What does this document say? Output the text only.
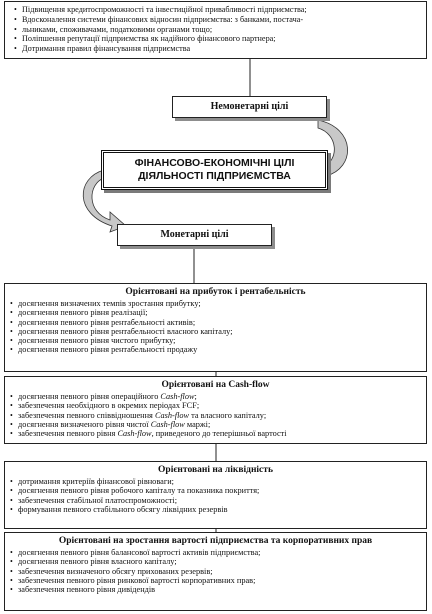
• Підвищення кредитоспроможності та інвестиційної привабливості підприємства;
• Вдосконалення системи фінансових відносин підприємства: з банками, постача-
• льниками, споживачами, податковими органами тощо;
• Поліпшення репутації підприємства як надійного фінансового партнера;
• Дотримання правил фінансування підприємства
Немонетарні цілі
ФІНАНСОВО-ЕКОНОМІЧНІ ЦІЛІ
ДІЯЛЬНОСТІ ПІДПРИЄМСТВА
Монетарні цілі
Орієнтовані на прибуток і рентабельність
• досягнення визначених темпів зростання прибутку;
• досягнення певного рівня реалізації;
• досягнення певного рівня рентабельності активів;
• досягнення певного рівня рентабельності власного капіталу;
• досягнення певного рівня чистого прибутку;
• досягнення певного рівня рентабельності продажу
Орієнтовані на Cash-flow
• досягнення певного рівня операційного Cash-flow;
• забезпечення необхідного в окремих періодах FCF;
• забезпечення певного співвідношення Cash-flow та власного капіталу;
• досягнення визначеного рівня чистої Cash-flow маржі;
• забезпечення певного рівня Cash-flow, приведеного до теперішньої вартості
Орієнтовані на ліквідність
• дотримання критеріїв фінансової рівноваги;
• досягнення певного рівня робочого капіталу та показника покриття;
• забезпечення стабільної платоспроможності;
• формування певного стабільного обсягу ліквідних резервів
Орієнтовані на зростання вартості підприємства та корпоративних прав
• досягнення певного рівня балансової вартості активів підприємства;
• досягнення певного рівня власного капіталу;
• забезпечення визначеного обсягу прихованих резервів;
• забезпечення певного рівня ринкової вартості корпоративних прав;
• забезпечення певного рівня дивідендів
